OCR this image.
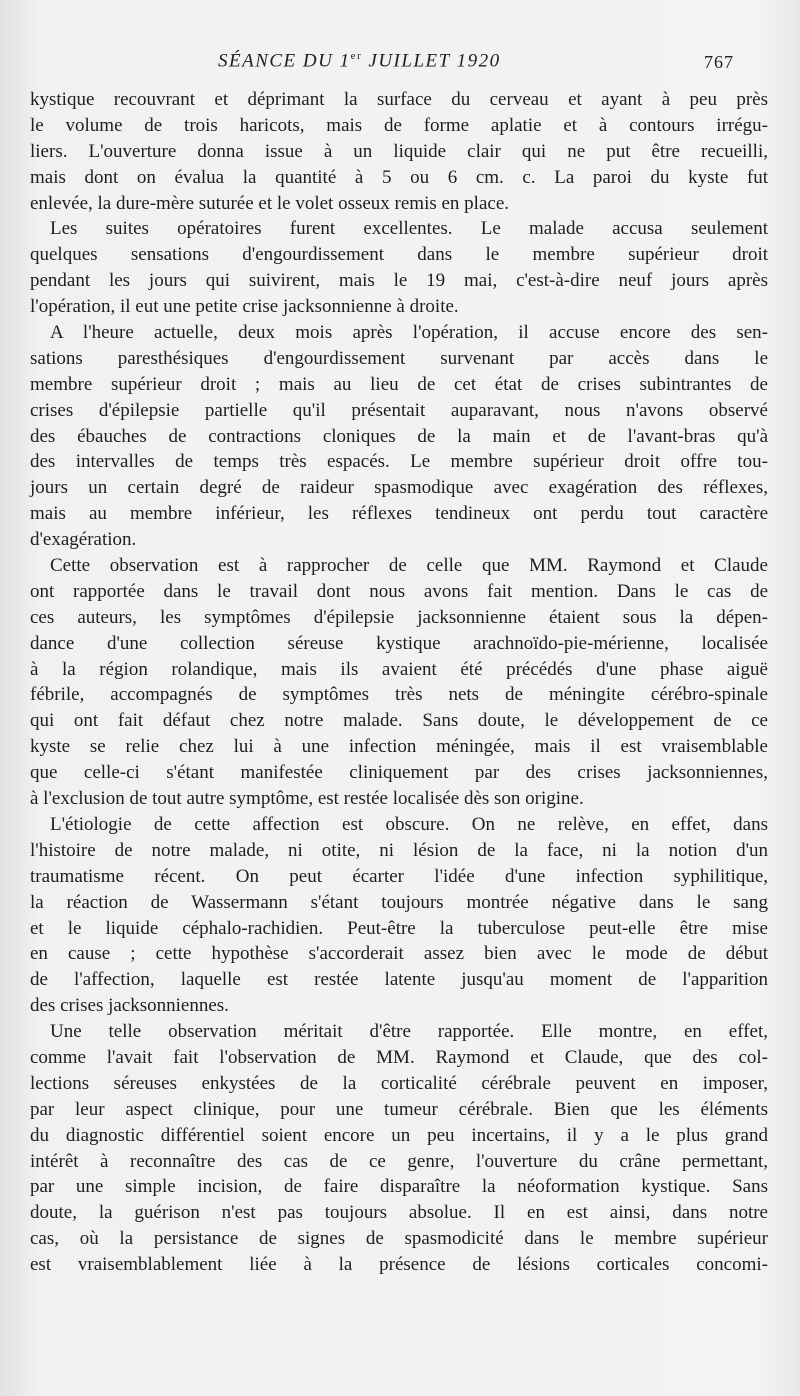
SÉANCE DU 1er JUILLET 1920	767
kystique recouvrant et déprimant la surface du cerveau et ayant à peu près
le volume de trois haricots, mais de forme aplatie et à contours irrégu-
liers. L'ouverture donna issue à un liquide clair qui ne put être recueilli,
mais dont on évalua la quantité à 5 ou 6 cm. c. La paroi du kyste fut
enlevée, la dure-mère suturée et le volet osseux remis en place.
Les suites opératoires furent excellentes. Le malade accusa seulement
quelques sensations d'engourdissement dans le membre supérieur droit
pendant les jours qui suivirent, mais le 19 mai, c'est-à-dire neuf jours après
l'opération, il eut une petite crise jacksonnienne à droite.
A l'heure actuelle, deux mois après l'opération, il accuse encore des sen-
sations paresthésiques d'engourdissement survenant par accès dans le
membre supérieur droit ; mais au lieu de cet état de crises subintrantes de
crises d'épilepsie partielle qu'il présentait auparavant, nous n'avons observé
des ébauches de contractions cloniques de la main et de l'avant-bras qu'à
des intervalles de temps très espacés. Le membre supérieur droit offre tou-
jours un certain degré de raideur spasmodique avec exagération des réflexes,
mais au membre inférieur, les réflexes tendineux ont perdu tout caractère
d'exagération.
Cette observation est à rapprocher de celle que MM. Raymond et Claude
ont rapportée dans le travail dont nous avons fait mention. Dans le cas de
ces auteurs, les symptômes d'épilepsie jacksonnienne étaient sous la dépen-
dance d'une collection séreuse kystique arachnoïdo-pie-mérienne, localisée
à la région rolandique, mais ils avaient été précédés d'une phase aiguë
fébrile, accompagnés de symptômes très nets de méningite cérébro-spinale
qui ont fait défaut chez notre malade. Sans doute, le développement de ce
kyste se relie chez lui à une infection méningée, mais il est vraisemblable
que celle-ci s'étant manifestée cliniquement par des crises jacksonniennes,
à l'exclusion de tout autre symptôme, est restée localisée dès son origine.
L'étiologie de cette affection est obscure. On ne relève, en effet, dans
l'histoire de notre malade, ni otite, ni lésion de la face, ni la notion d'un
traumatisme récent. On peut écarter l'idée d'une infection syphilitique,
la réaction de Wassermann s'étant toujours montrée négative dans le sang
et le liquide céphalo-rachidien. Peut-être la tuberculose peut-elle être mise
en cause ; cette hypothèse s'accorderait assez bien avec le mode de début
de l'affection, laquelle est restée latente jusqu'au moment de l'apparition
des crises jacksonniennes.
Une telle observation méritait d'être rapportée. Elle montre, en effet,
comme l'avait fait l'observation de MM. Raymond et Claude, que des col-
lections séreuses enkystées de la corticalité cérébrale peuvent en imposer,
par leur aspect clinique, pour une tumeur cérébrale. Bien que les éléments
du diagnostic différentiel soient encore un peu incertains, il y a le plus grand
intérêt à reconnaître des cas de ce genre, l'ouverture du crâne permettant,
par une simple incision, de faire disparaître la néoformation kystique. Sans
doute, la guérison n'est pas toujours absolue. Il en est ainsi, dans notre
cas, où la persistance de signes de spasmodicité dans le membre supérieur
est vraisemblablement liée à la présence de lésions corticales concomi-
